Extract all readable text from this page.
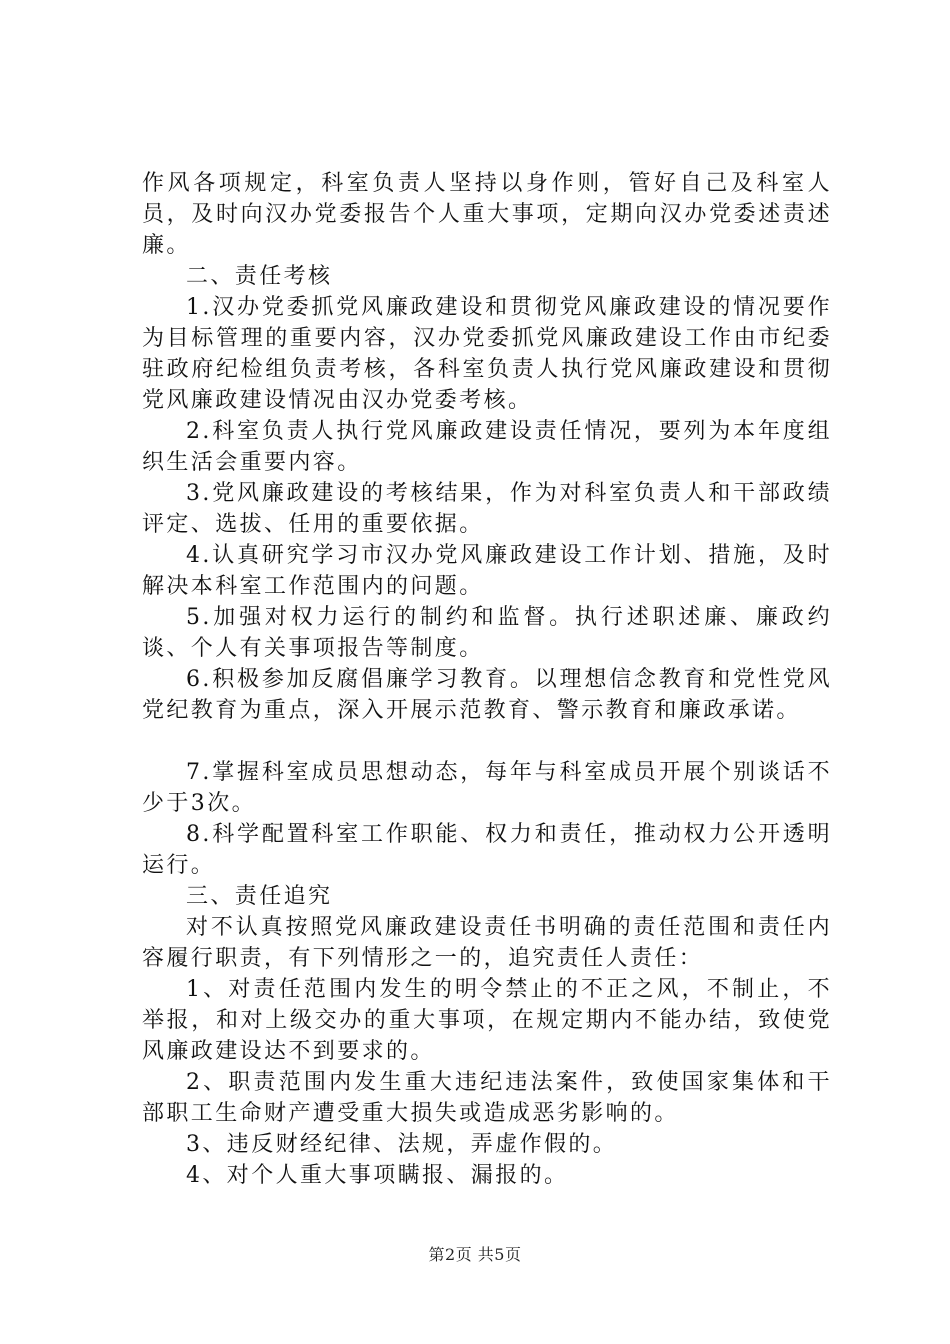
作风各项规定，科室负责人坚持以身作则，管好自己及科室人员，及时向汉办党委报告个人重大事项，定期向汉办党委述责述廉。

二、责任考核

1.汉办党委抓党风廉政建设和贯彻党风廉政建设的情况要作为目标管理的重要内容，汉办党委抓党风廉政建设工作由市纪委驻政府纪检组负责考核，各科室负责人执行党风廉政建设和贯彻党风廉政建设情况由汉办党委考核。

2.科室负责人执行党风廉政建设责任情况，要列为本年度组织生活会重要内容。

3.党风廉政建设的考核结果，作为对科室负责人和干部政绩评定、选拔、任用的重要依据。

4.认真研究学习市汉办党风廉政建设工作计划、措施，及时解决本科室工作范围内的问题。

5.加强对权力运行的制约和监督。执行述职述廉、廉政约谈、个人有关事项报告等制度。

6.积极参加反腐倡廉学习教育。以理想信念教育和党性党风党纪教育为重点，深入开展示范教育、警示教育和廉政承诺。

7.掌握科室成员思想动态，每年与科室成员开展个别谈话不少于3次。

8.科学配置科室工作职能、权力和责任，推动权力公开透明运行。

三、责任追究

对不认真按照党风廉政建设责任书明确的责任范围和责任内容履行职责，有下列情形之一的，追究责任人责任：

1、对责任范围内发生的明令禁止的不正之风，不制止，不举报，和对上级交办的重大事项，在规定期内不能办结，致使党风廉政建设达不到要求的。

2、职责范围内发生重大违纪违法案件，致使国家集体和干部职工生命财产遭受重大损失或造成恶劣影响的。

3、违反财经纪律、法规，弄虚作假的。

4、对个人重大事项瞒报、漏报的。

第2页 共5页
